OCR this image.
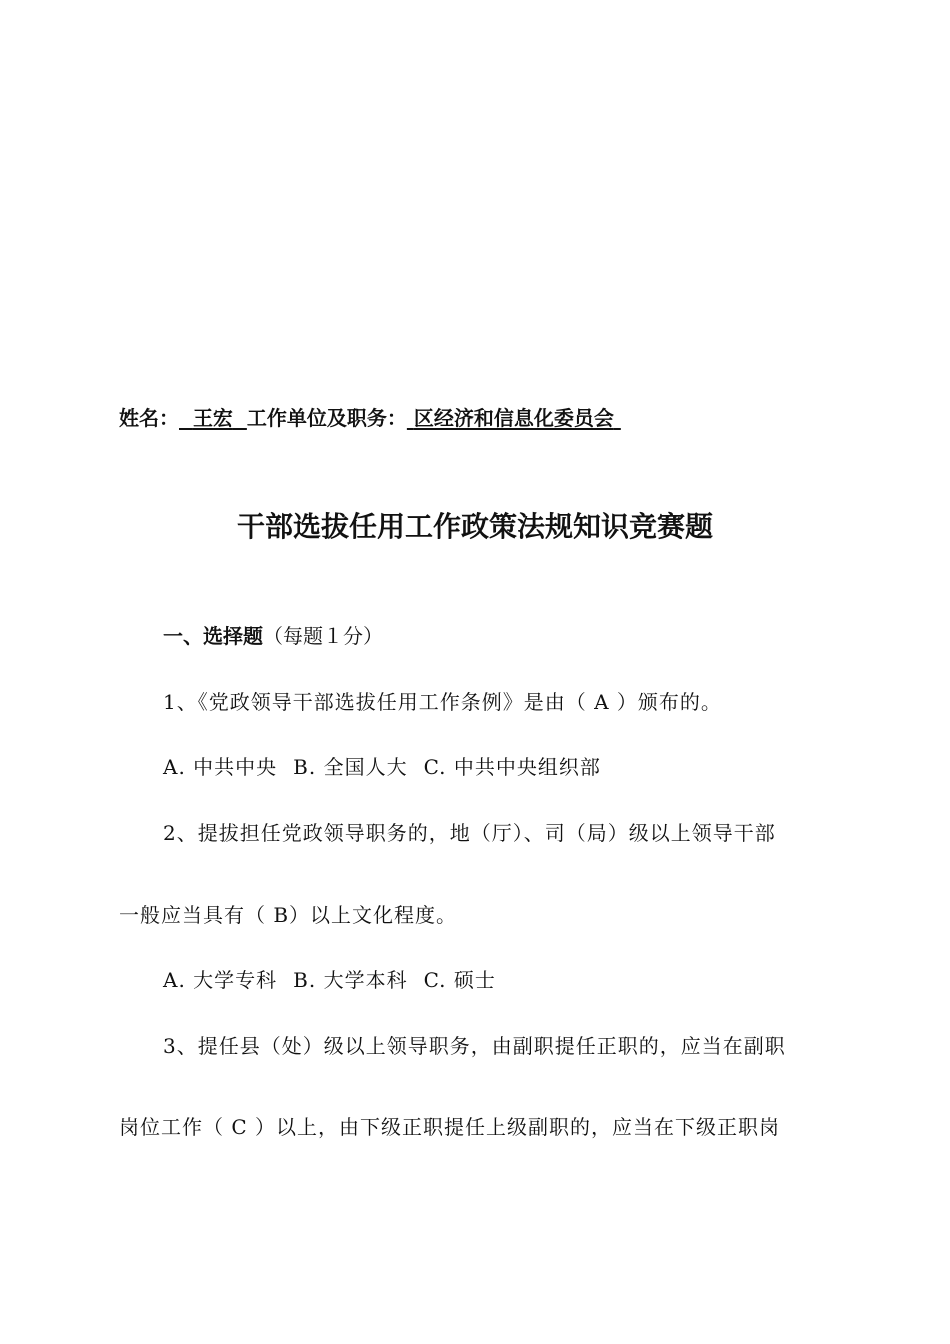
姓名： 王宏 工作单位及职务： 区经济和信息化委员会
干部选拔任用工作政策法规知识竞赛题
一、选择题（每题１分）
1、《党政领导干部选拔任用工作条例》是由（ A ）颁布的。
A. 中共中央 B. 全国人大 C. 中共中央组织部
2、提拔担任党政领导职务的，地（厅）、司（局）级以上领导干部
一般应当具有（ B）以上文化程度。
A. 大学专科 B. 大学本科 C. 硕士
3、提任县（处）级以上领导职务，由副职提任正职的，应当在副职
岗位工作（ C ）以上，由下级正职提任上级副职的，应当在下级正职岗
